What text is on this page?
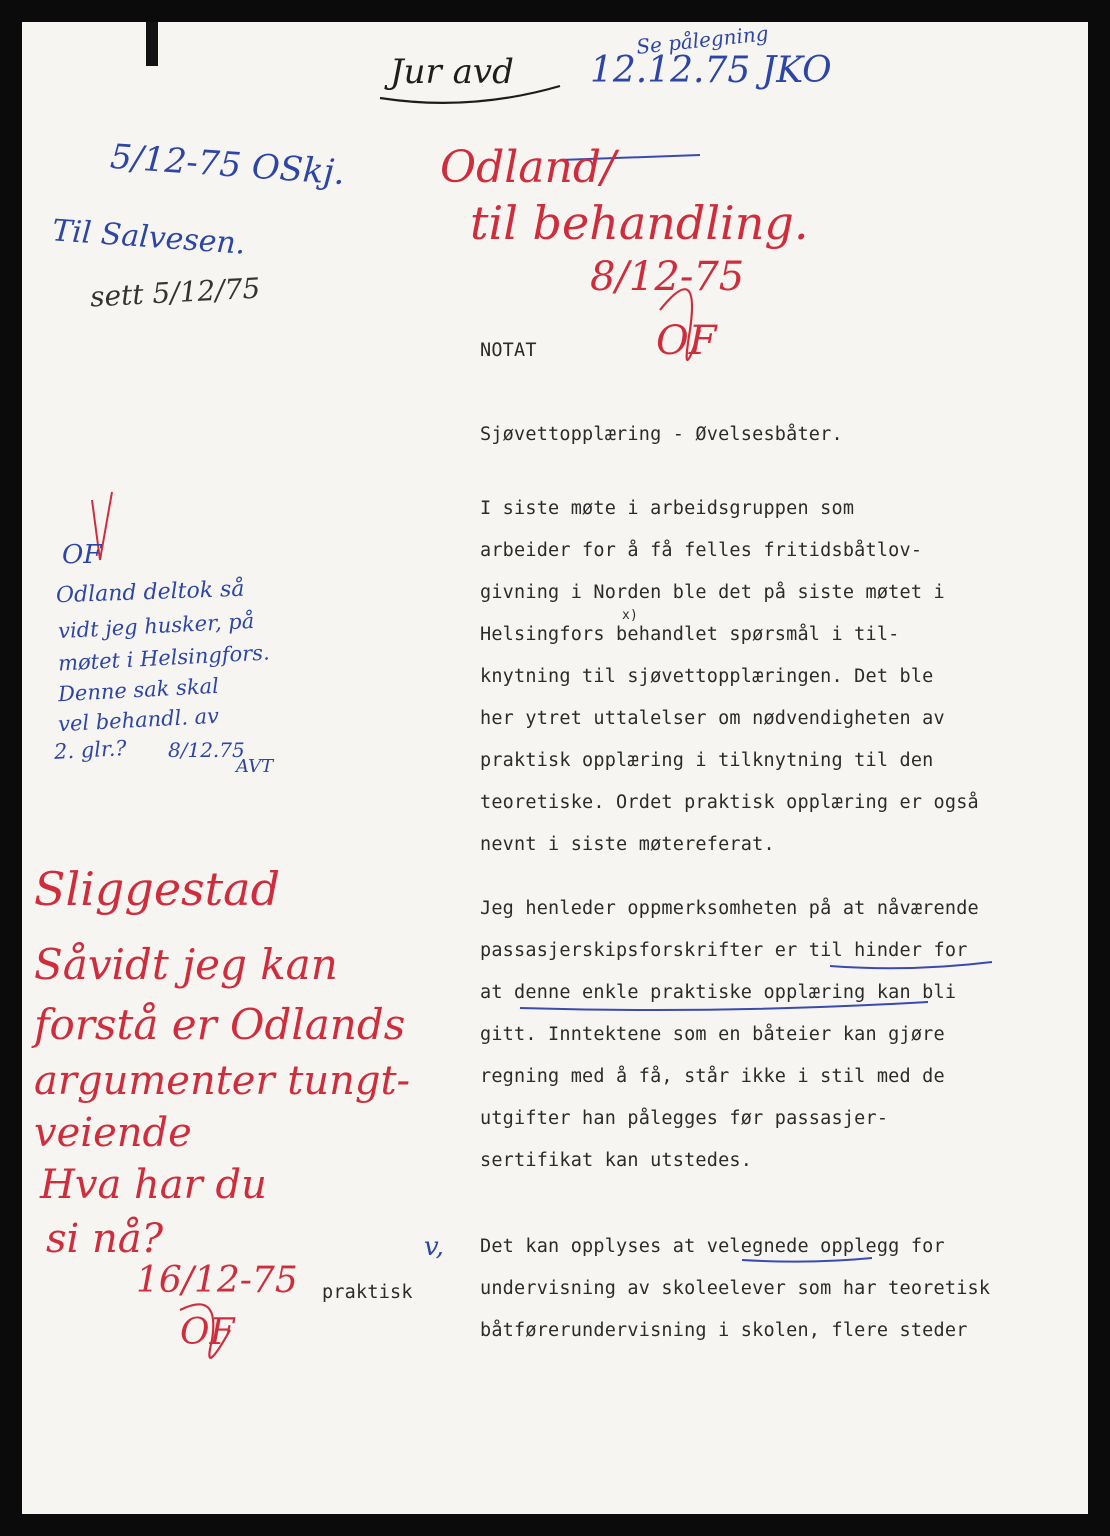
NOTAT

Sjøvettopplæring - Øvelsesbåter.

I siste møte i arbeidsgruppen som

arbeider for å få felles fritidsbåtlov-

givning i Norden ble det på siste møtet i

Helsingfors behandlet spørsmål i til-

knytning til sjøvettopplæringen. Det ble

her ytret uttalelser om nødvendigheten av

praktisk opplæring i tilknytning til den

teoretiske. Ordet praktisk opplæring er også

nevnt i siste møtereferat.

Jeg henleder oppmerksomheten på at nåværende

passasjerskipsforskrifter er til hinder for

at denne enkle praktiske opplæring kan bli

gitt. Inntektene som en båteier kan gjøre

regning med å få, står ikke i stil med de

utgifter han pålegges før passasjer-

sertifikat kan utstedes.

Det kan opplyses at velegnede opplegg for

undervisning av skoleelever som har teoretisk

båtførerundervisning i skolen, flere steder

praktisk

Jur avd
Se pålegning
12.12.75 JKO
5/12-75 OSkj.
Til Salvesen.
sett 5/12/75
Odland/
til behandling.
8/12-75
OF
x)
OF
Odland deltok så
vidt jeg husker, på
møtet i Helsingfors.
Denne sak skal
vel behandl. av
2. glr.? 8/12.75
AVT
Sliggestad
Såvidt jeg kan
forstå er Odlands
argumenter tungt-
veiende
Hva har du
si nå?
16/12-75
OF
v,
